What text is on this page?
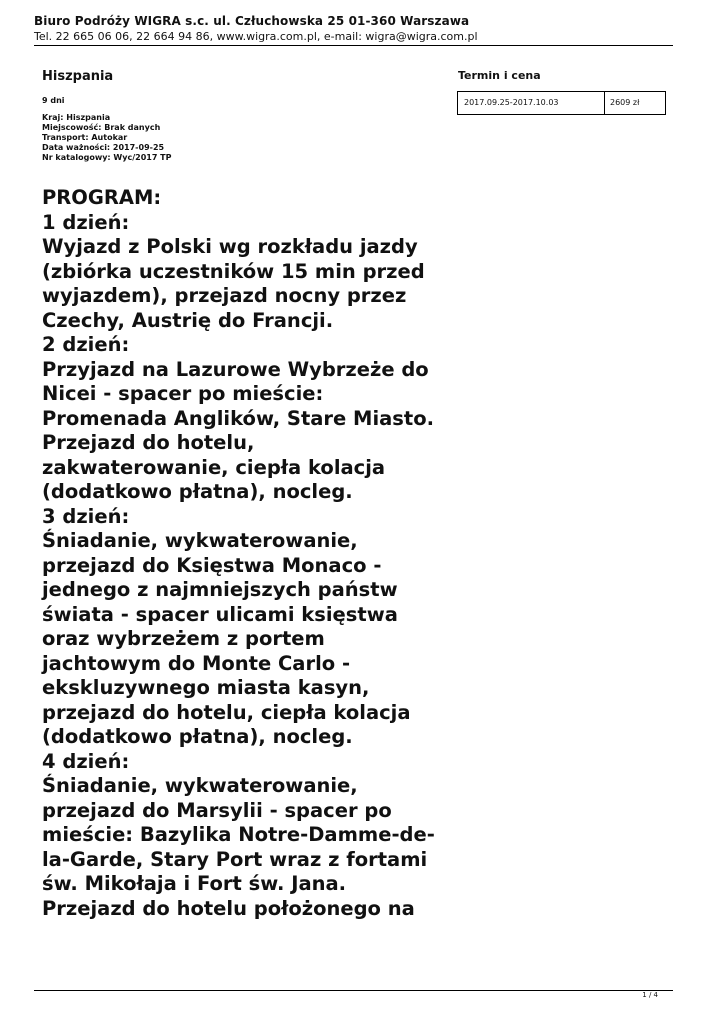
Biuro Podróży WIGRA s.c. ul. Człuchowska 25 01-360 Warszawa
Tel. 22 665 06 06, 22 664 94 86, www.wigra.com.pl, e-mail: wigra@wigra.com.pl
Hiszpania
9 dni
Kraj: Hiszpania
Miejscowość: Brak danych
Transport: Autokar
Data ważności: 2017-09-25
Nr katalogowy: Wyc/2017 TP
Termin i cena
2017.09.25-2017.10.03	2609 zł
PROGRAM:
1 dzień:
Wyjazd z Polski wg rozkładu jazdy
(zbiórka uczestników 15 min przed
wyjazdem), przejazd nocny przez
Czechy, Austrię do Francji.
2 dzień:
Przyjazd na Lazurowe Wybrzeże do
Nicei - spacer po mieście:
Promenada Anglików, Stare Miasto.
Przejazd do hotelu,
zakwaterowanie, ciepła kolacja
(dodatkowo płatna), nocleg.
3 dzień:
Śniadanie, wykwaterowanie,
przejazd do Księstwa Monaco -
jednego z najmniejszych państw
świata - spacer ulicami księstwa
oraz wybrzeżem z portem
jachtowym do Monte Carlo -
ekskluzywnego miasta kasyn,
przejazd do hotelu, ciepła kolacja
(dodatkowo płatna), nocleg.
4 dzień:
Śniadanie, wykwaterowanie,
przejazd do Marsylii - spacer po
mieście: Bazylika Notre-Damme-de-
la-Garde, Stary Port wraz z fortami
św. Mikołaja i Fort św. Jana.
Przejazd do hotelu położonego na
1 / 4
